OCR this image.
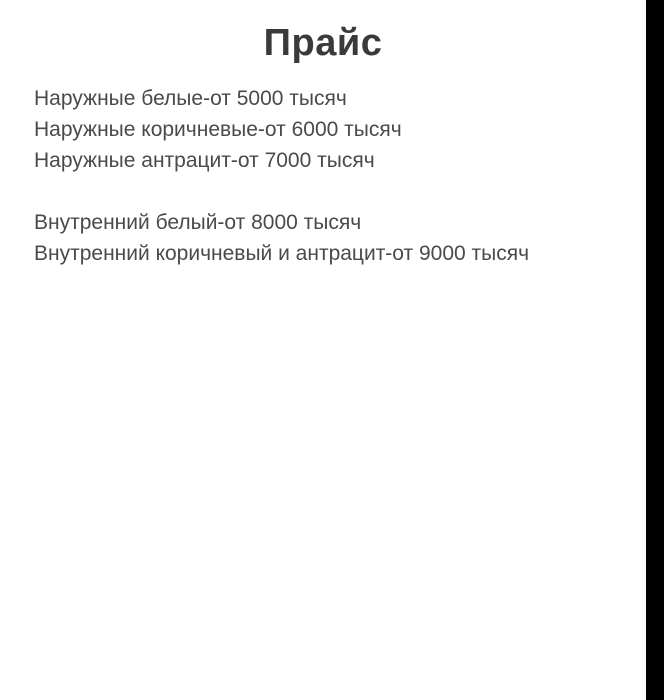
Прайс
Наружные белые-от 5000 тысяч
Наружные коричневые-от 6000 тысяч
Наружные антрацит-от 7000 тысяч
Внутренний белый-от 8000 тысяч
Внутренний коричневый и антрацит-от 9000 тысяч
